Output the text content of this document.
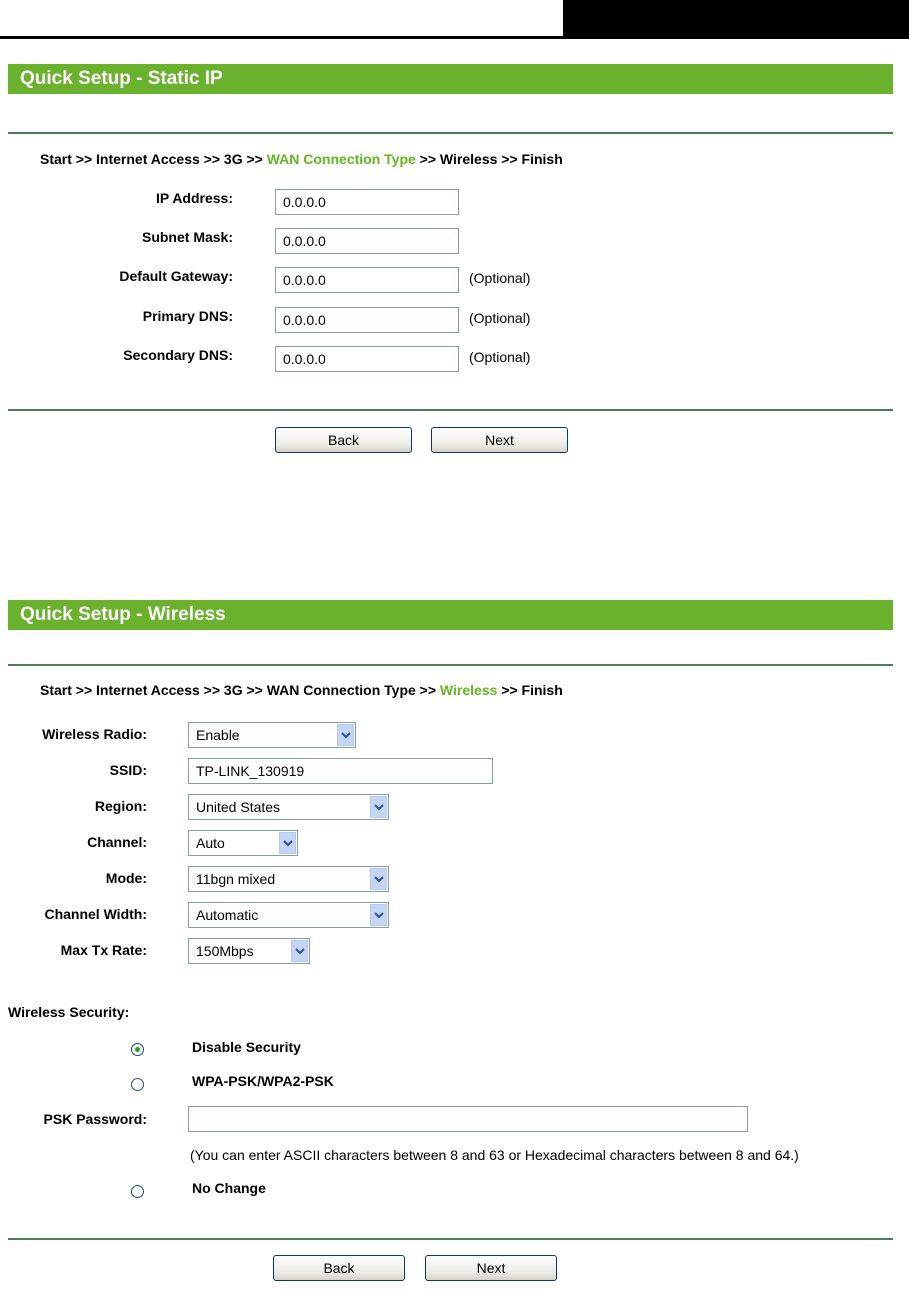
Quick Setup - Static IP
Start >> Internet Access >> 3G >> WAN Connection Type >> Wireless >> Finish
IP Address:	0.0.0.0
Subnet Mask:	0.0.0.0
Default Gateway:	0.0.0.0	(Optional)
Primary DNS:	0.0.0.0	(Optional)
Secondary DNS:	0.0.0.0	(Optional)
Back	Next
Quick Setup - Wireless
Start >> Internet Access >> 3G >> WAN Connection Type >> Wireless >> Finish
Wireless Radio:	Enable
SSID:	TP-LINK_130919
Region:	United States
Channel:	Auto
Mode:	11bgn mixed
Channel Width:	Automatic
Max Tx Rate:	150Mbps
Wireless Security:
Disable Security
WPA-PSK/WPA2-PSK
PSK Password:
(You can enter ASCII characters between 8 and 63 or Hexadecimal characters between 8 and 64.)
No Change
Back	Next
